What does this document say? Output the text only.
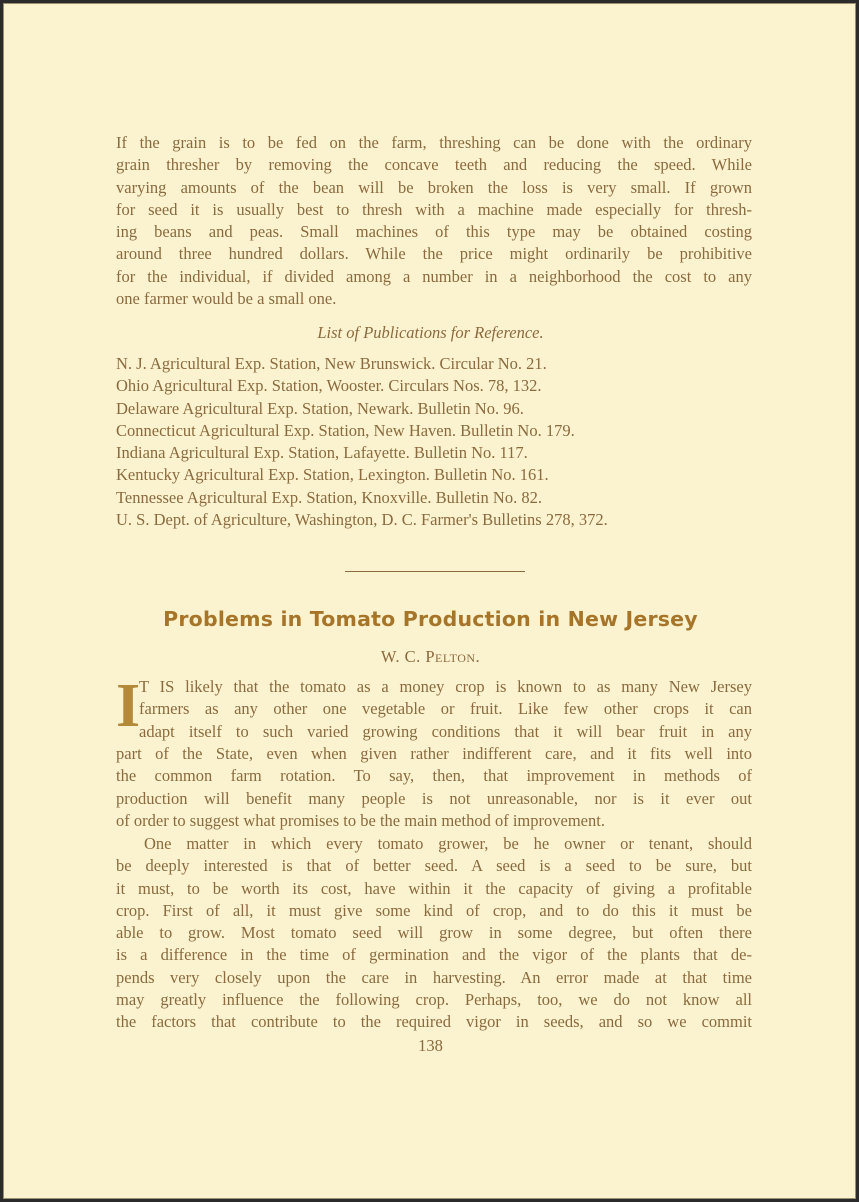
If the grain is to be fed on the farm, threshing can be done with the ordinary
grain thresher by removing the concave teeth and reducing the speed. While
varying amounts of the bean will be broken the loss is very small. If grown
for seed it is usually best to thresh with a machine made especially for thresh-
ing beans and peas. Small machines of this type may be obtained costing
around three hundred dollars. While the price might ordinarily be prohibitive
for the individual, if divided among a number in a neighborhood the cost to any
one farmer would be a small one.

List of Publications for Reference.

N. J. Agricultural Exp. Station, New Brunswick. Circular No. 21.
Ohio Agricultural Exp. Station, Wooster. Circulars Nos. 78, 132.
Delaware Agricultural Exp. Station, Newark. Bulletin No. 96.
Connecticut Agricultural Exp. Station, New Haven. Bulletin No. 179.
Indiana Agricultural Exp. Station, Lafayette. Bulletin No. 117.
Kentucky Agricultural Exp. Station, Lexington. Bulletin No. 161.
Tennessee Agricultural Exp. Station, Knoxville. Bulletin No. 82.
U. S. Dept. of Agriculture, Washington, D. C. Farmer's Bulletins 278, 372.
Problems in Tomato Production in New Jersey

W. C. Pelton.

I
T IS likely that the tomato as a money crop is known to as many New Jersey
farmers as any other one vegetable or fruit. Like few other crops it can
adapt itself to such varied growing conditions that it will bear fruit in any
part of the State, even when given rather indifferent care, and it fits well into
the common farm rotation. To say, then, that improvement in methods of
production will benefit many people is not unreasonable, nor is it ever out
of order to suggest what promises to be the main method of improvement.
One matter in which every tomato grower, be he owner or tenant, should
be deeply interested is that of better seed. A seed is a seed to be sure, but
it must, to be worth its cost, have within it the capacity of giving a profitable
crop. First of all, it must give some kind of crop, and to do this it must be
able to grow. Most tomato seed will grow in some degree, but often there
is a difference in the time of germination and the vigor of the plants that de-
pends very closely upon the care in harvesting. An error made at that time
may greatly influence the following crop. Perhaps, too, we do not know all
the factors that contribute to the required vigor in seeds, and so we commit

138
